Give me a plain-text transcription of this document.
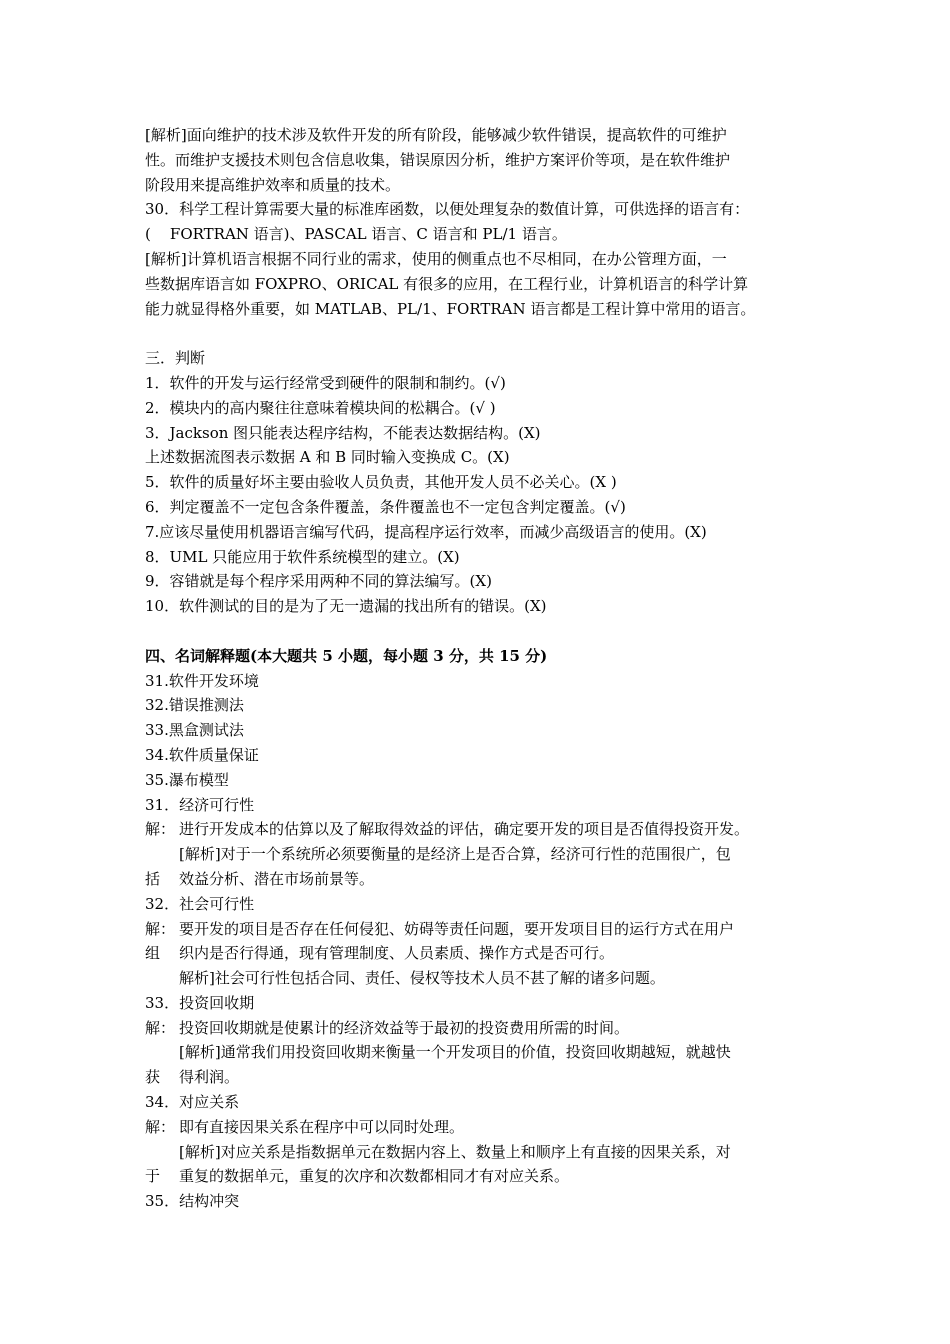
[解析]面向维护的技术涉及软件开发的所有阶段，能够减少软件错误，提高软件的可维护
性。而维护支援技术则包含信息收集，错误原因分析，维护方案评价等项，是在软件维护
阶段用来提高维护效率和质量的技术。
30．科学工程计算需要大量的标准库函数，以便处理复杂的数值计算，可供选择的语言有：
(    FORTRAN 语言)、PASCAL 语言、C 语言和 PL/1 语言。
[解析]计算机语言根据不同行业的需求，使用的侧重点也不尽相同，在办公管理方面，一
些数据库语言如 FOXPRO、ORICAL 有很多的应用，在工程行业，计算机语言的科学计算
能力就显得格外重要，如 MATLAB、PL/1、FORTRAN 语言都是工程计算中常用的语言。
三．判断
1．软件的开发与运行经常受到硬件的限制和制约。(√)
2．模块内的高内聚往往意味着模块间的松耦合。(√ )
3．Jackson 图只能表达程序结构，不能表达数据结构。(X)
上述数据流图表示数据 A 和 B 同时输入变换成 C。(X)
5．软件的质量好坏主要由验收人员负责，其他开发人员不必关心。(X )
6．判定覆盖不一定包含条件覆盖，条件覆盖也不一定包含判定覆盖。(√)
7.应该尽量使用机器语言编写代码，提高程序运行效率，而减少高级语言的使用。(X)
8．UML 只能应用于软件系统模型的建立。(X)
9．容错就是每个程序采用两种不同的算法编写。(X)
10．软件测试的目的是为了无一遗漏的找出所有的错误。(X)
四、名词解释题(本大题共 5 小题，每小题 3 分，共 15 分)
31.软件开发环境
32.错误推测法
33.黑盒测试法
34.软件质量保证
35.瀑布模型
31．经济可行性
解： 进行开发成本的估算以及了解取得效益的评估，确定要开发的项目是否值得投资开发。
[解析]对于一个系统所必须要衡量的是经济上是否合算，经济可行性的范围很广，包
括 效益分析、潜在市场前景等。
32．社会可行性
解： 要开发的项目是否存在任何侵犯、妨碍等责任问题，要开发项目目的运行方式在用户
组 织内是否行得通，现有管理制度、人员素质、操作方式是否可行。
解析]社会可行性包括合同、责任、侵权等技术人员不甚了解的诸多问题。
33．投资回收期
解： 投资回收期就是使累计的经济效益等于最初的投资费用所需的时间。
[解析]通常我们用投资回收期来衡量一个开发项目的价值，投资回收期越短，就越快
获 得利润。
34．对应关系
解： 即有直接因果关系在程序中可以同时处理。
[解析]对应关系是指数据单元在数据内容上、数量上和顺序上有直接的因果关系，对
于 重复的数据单元，重复的次序和次数都相同才有对应关系。
35．结构冲突
